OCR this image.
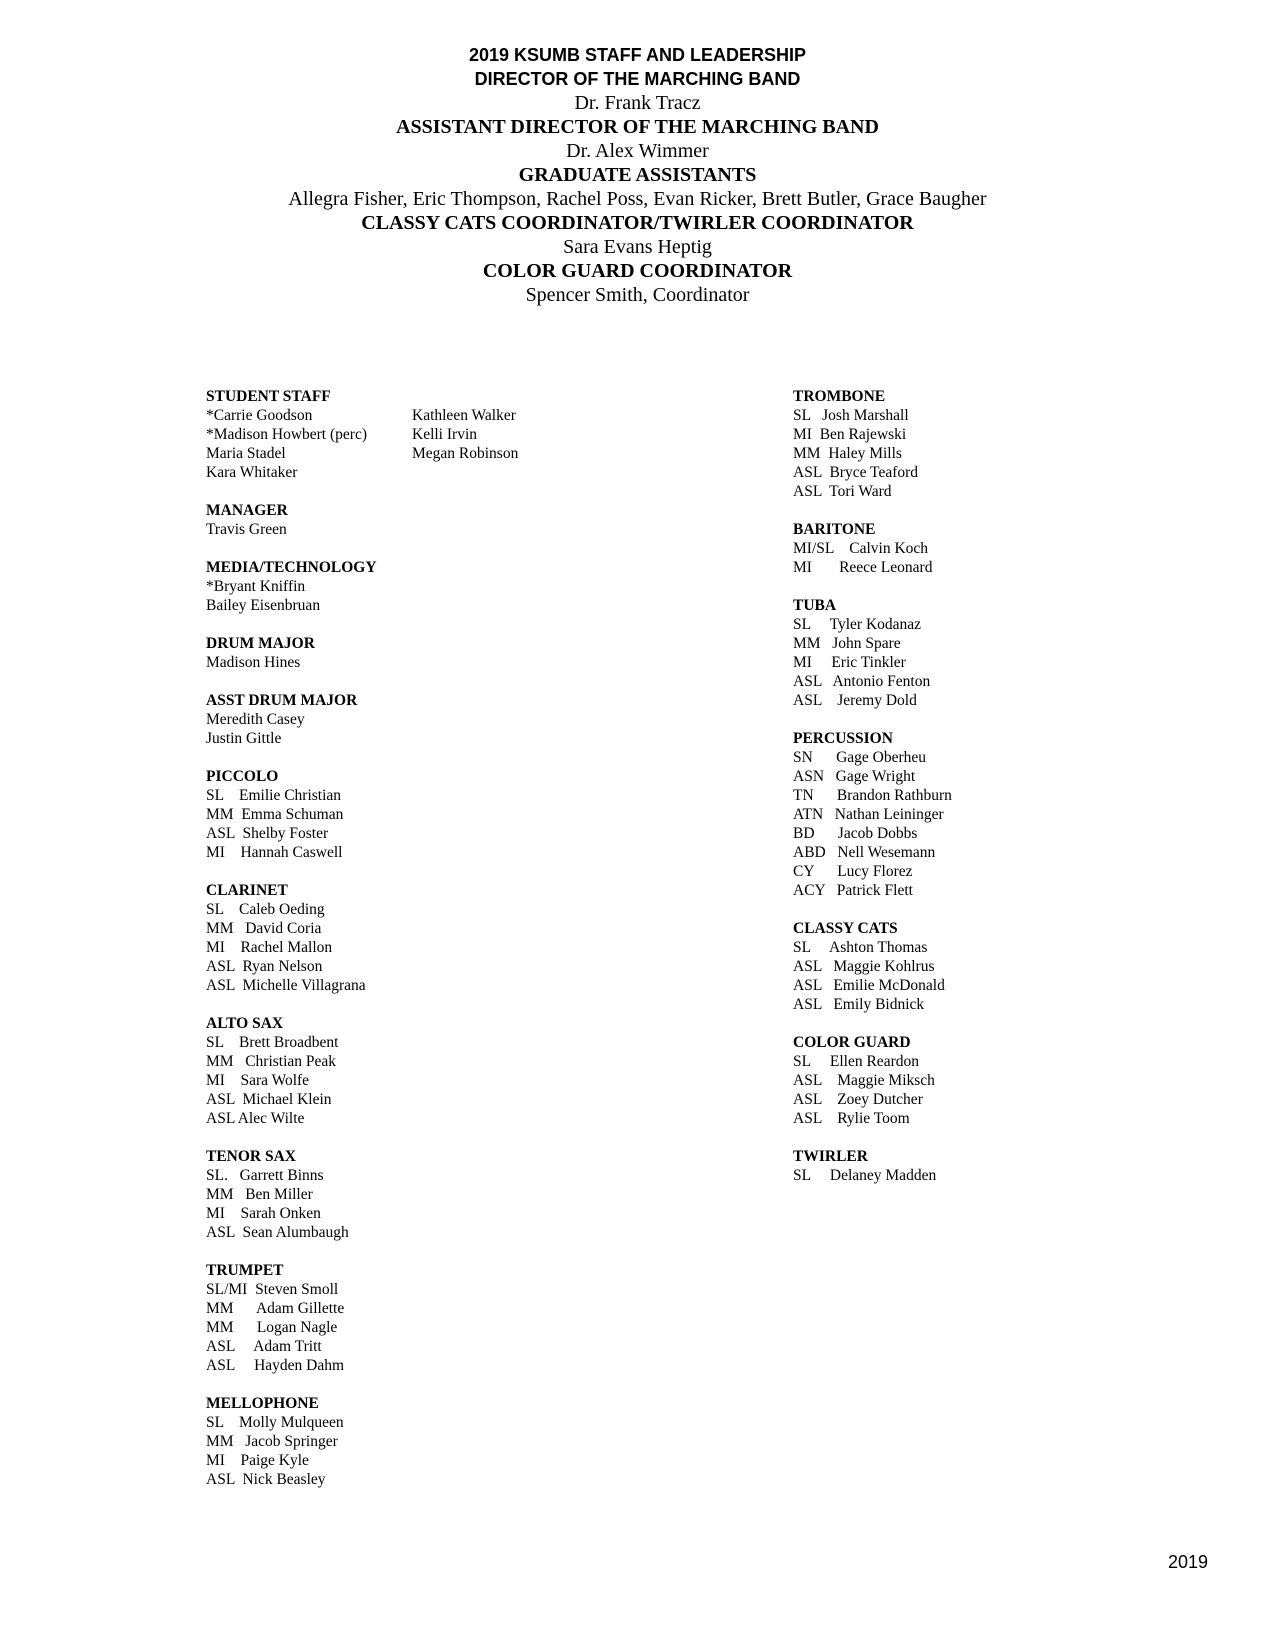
2019 KSUMB STAFF AND LEADERSHIP
DIRECTOR OF THE MARCHING BAND
Dr. Frank Tracz
ASSISTANT DIRECTOR OF THE MARCHING BAND
Dr. Alex Wimmer
GRADUATE ASSISTANTS
Allegra Fisher, Eric Thompson, Rachel Poss, Evan Ricker, Brett Butler, Grace Baugher
CLASSY CATS COORDINATOR/TWIRLER COORDINATOR
Sara Evans Heptig
COLOR GUARD COORDINATOR
Spencer Smith, Coordinator
STUDENT STAFF
*Carrie Goodson
*Madison Howbert (perc)
Maria Stadel
Kara Whitaker
Kathleen Walker
Kelli Irvin
Megan Robinson
MANAGER
Travis Green
MEDIA/TECHNOLOGY
*Bryant Kniffin
Bailey Eisenbruan
DRUM MAJOR
Madison Hines
ASST DRUM MAJOR
Meredith Casey
Justin Gittle
PICCOLO
SL    Emilie Christian
MM  Emma Schuman
ASL  Shelby Foster
MI    Hannah Caswell
CLARINET
SL    Caleb Oeding
MM   David Coria
MI    Rachel Mallon
ASL  Ryan Nelson
ASL  Michelle Villagrana
ALTO SAX
SL    Brett Broadbent
MM   Christian Peak
MI    Sara Wolfe
ASL  Michael Klein
ASL Alec Wilte
TENOR SAX
SL.   Garrett Binns
MM   Ben Miller
MI    Sarah Onken
ASL  Sean Alumbaugh
TRUMPET
SL/MI  Steven Smoll
MM      Adam Gillette
MM      Logan Nagle
ASL     Adam Tritt
ASL     Hayden Dahm
MELLOPHONE
SL    Molly Mulqueen
MM   Jacob Springer
MI    Paige Kyle
ASL  Nick Beasley
TROMBONE
SL   Josh Marshall
MI  Ben Rajewski
MM  Haley Mills
ASL  Bryce Teaford
ASL  Tori Ward
BARITONE
MI/SL    Calvin Koch
MI       Reece Leonard
TUBA
SL     Tyler Kodanaz
MM   John Spare
MI     Eric Tinkler
ASL   Antonio Fenton
ASL    Jeremy Dold
PERCUSSION
SN      Gage Oberheu
ASN   Gage Wright
TN      Brandon Rathburn
ATN   Nathan Leininger
BD      Jacob Dobbs
ABD   Nell Wesemann
CY      Lucy Florez
ACY   Patrick Flett
CLASSY CATS
SL     Ashton Thomas
ASL   Maggie Kohlrus
ASL   Emilie McDonald
ASL   Emily Bidnick
COLOR GUARD
SL     Ellen Reardon
ASL    Maggie Miksch
ASL    Zoey Dutcher
ASL    Rylie Toom
TWIRLER
SL     Delaney Madden
2019
